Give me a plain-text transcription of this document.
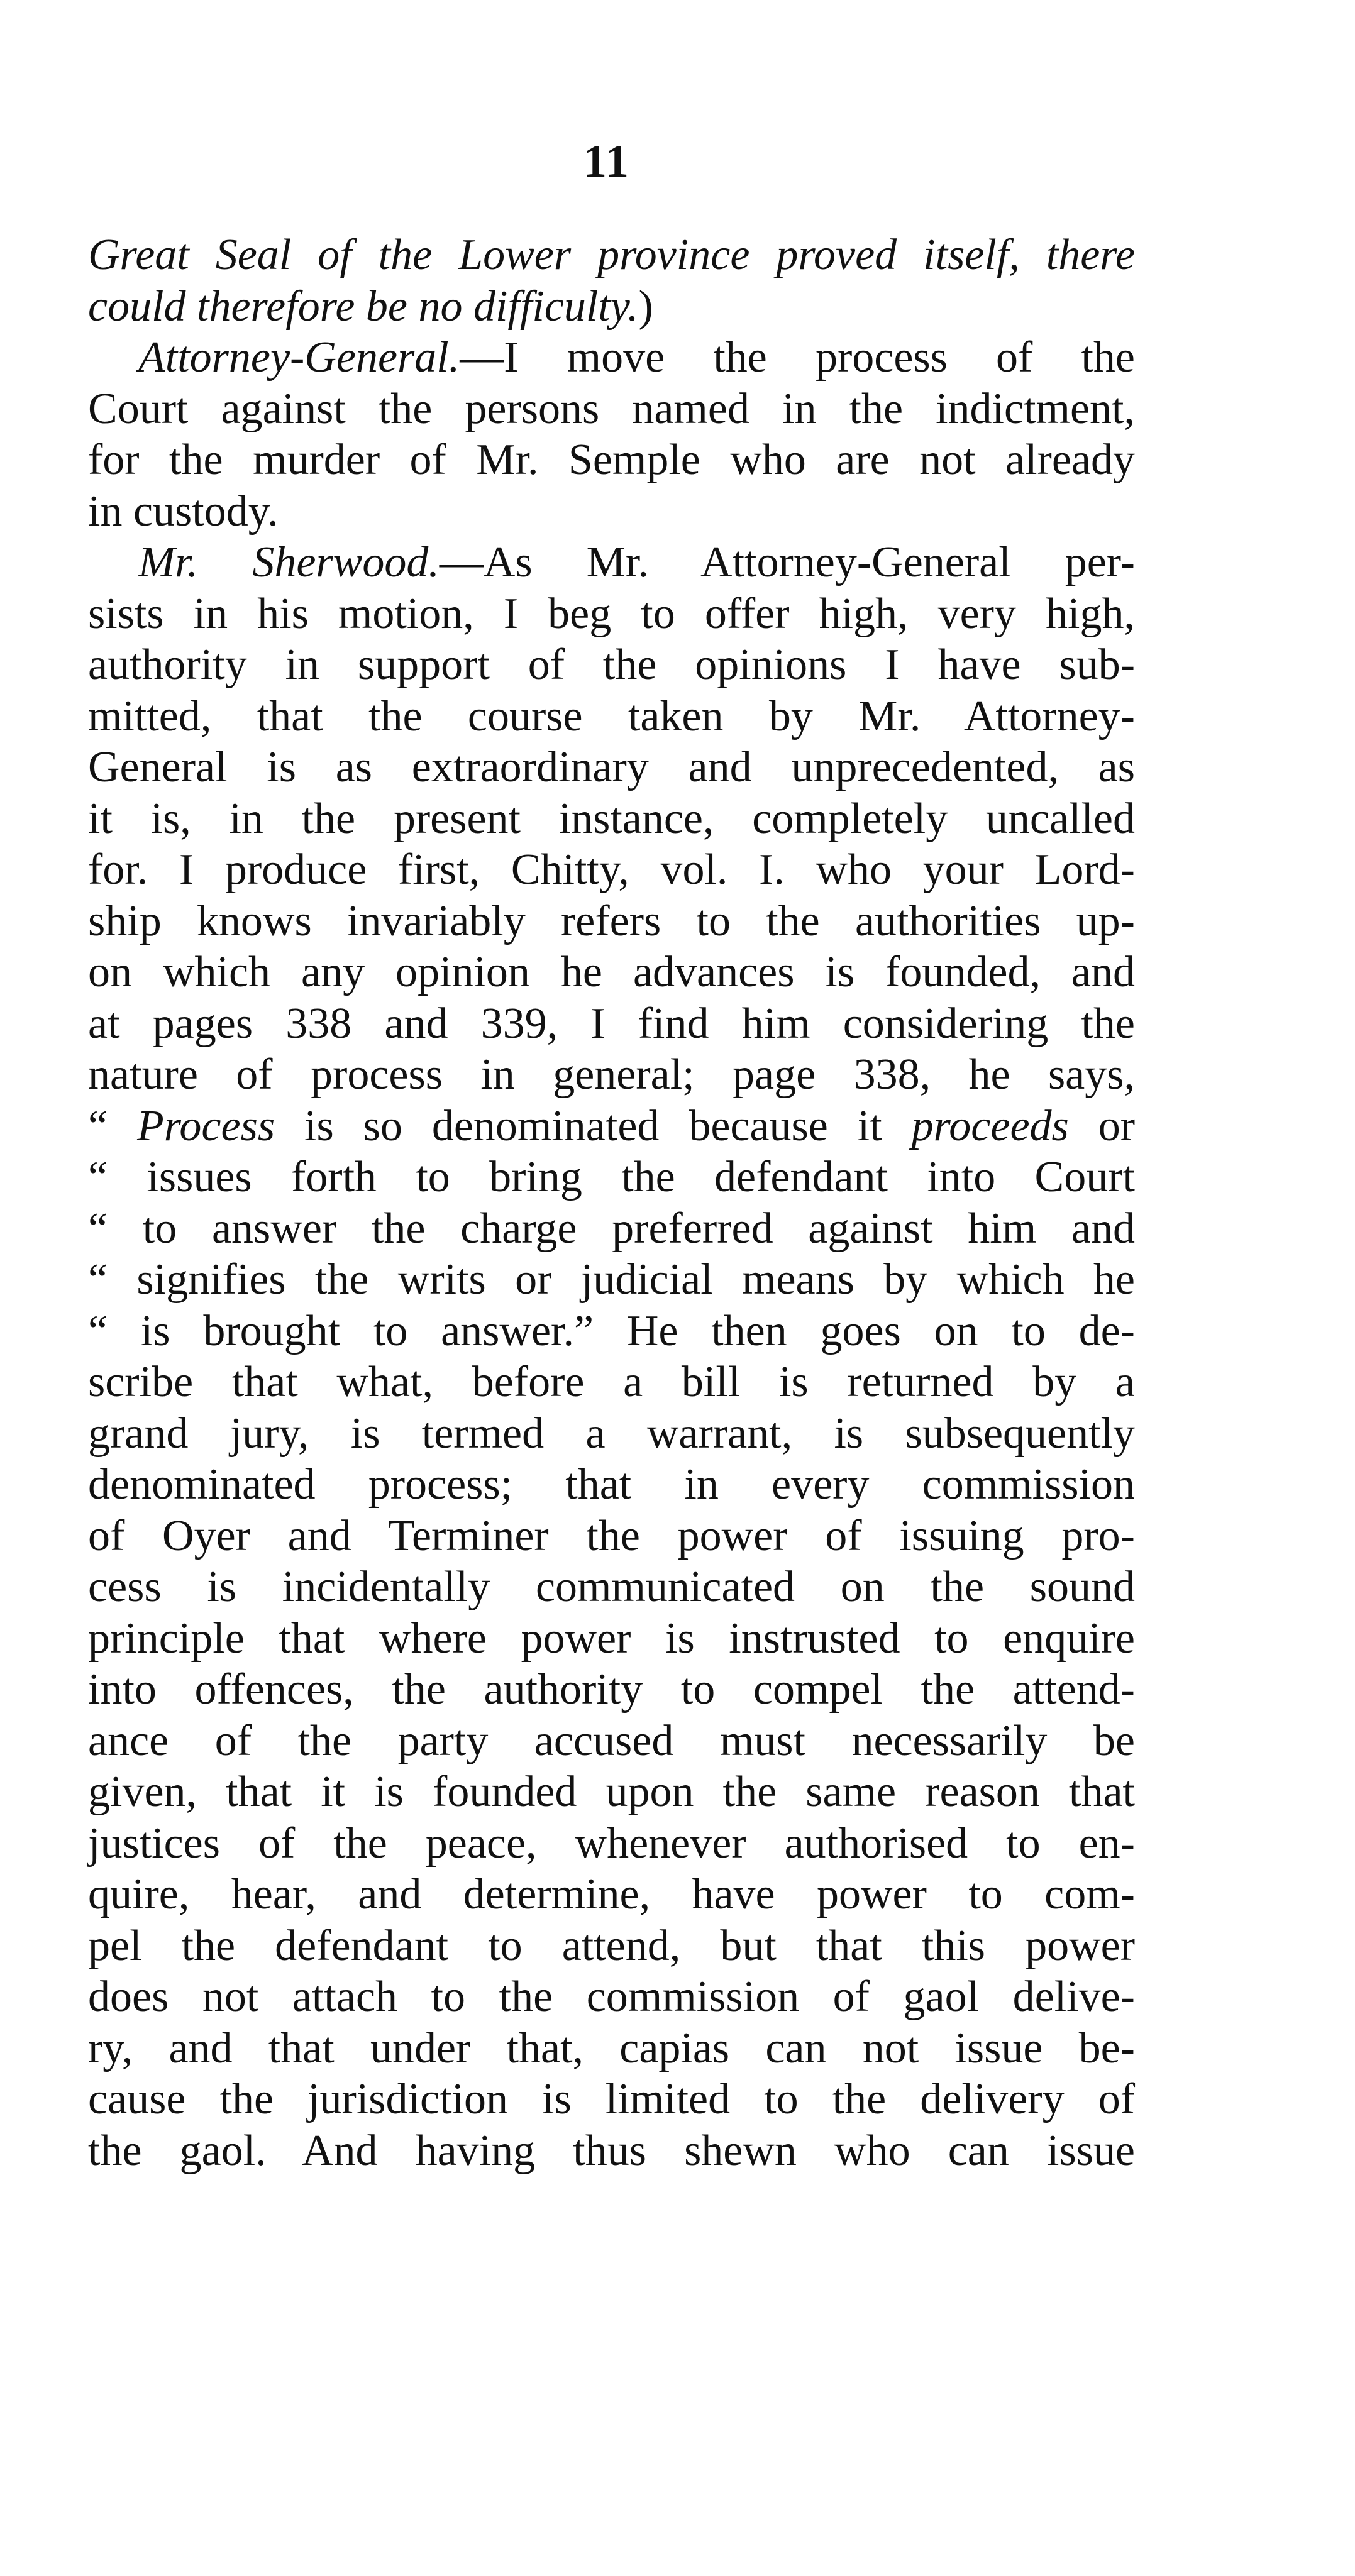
11
Great Seal of the Lower province proved itself, there
could therefore be no difficulty.)
Attorney-General.—I move the process of the
Court against the persons named in the indictment,
for the murder of Mr. Semple who are not already
in custody.
Mr. Sherwood.—As Mr. Attorney-General per-
sists in his motion, I beg to offer high, very high,
authority in support of the opinions I have sub-
mitted, that the course taken by Mr. Attorney-
General is as extraordinary and unprecedented, as
it is, in the present instance, completely uncalled
for. I produce first, Chitty, vol. I. who your Lord-
ship knows invariably refers to the authorities up-
on which any opinion he advances is founded, and
at pages 338 and 339, I find him considering the
nature of process in general; page 338, he says,
“ Process is so denominated because it proceeds or
“ issues forth to bring the defendant into Court
“ to answer the charge preferred against him and
“ signifies the writs or judicial means by which he
“ is brought to answer.” He then goes on to de-
scribe that what, before a bill is returned by a
grand jury, is termed a warrant, is subsequently
denominated process; that in every commission
of Oyer and Terminer the power of issuing pro-
cess is incidentally communicated on the sound
principle that where power is instrusted to enquire
into offences, the authority to compel the attend-
ance of the party accused must necessarily be
given, that it is founded upon the same reason that
justices of the peace, whenever authorised to en-
quire, hear, and determine, have power to com-
pel the defendant to attend, but that this power
does not attach to the commission of gaol delive-
ry, and that under that, capias can not issue be-
cause the jurisdiction is limited to the delivery of
the gaol. And having thus shewn who can issue
